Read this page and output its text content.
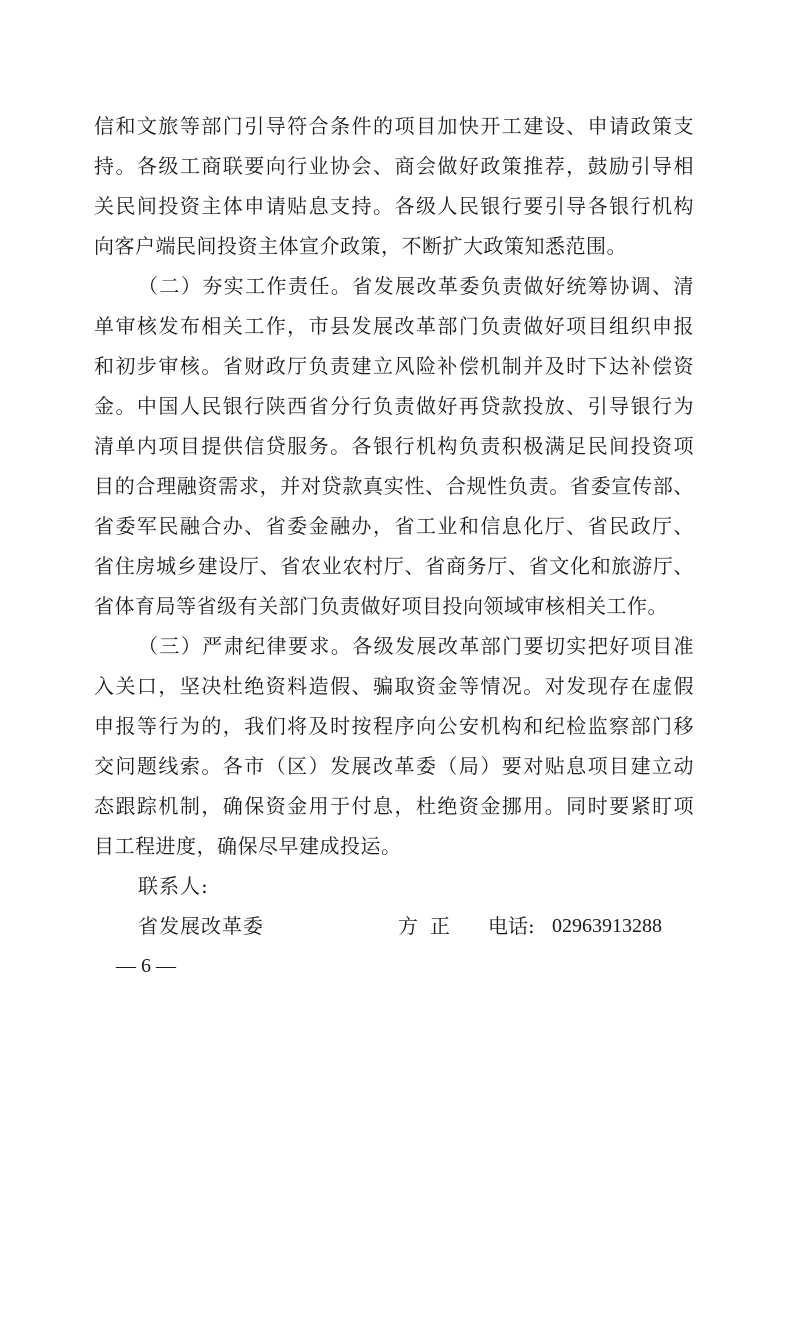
信和文旅等部门引导符合条件的项目加快开工建设、申请政策支
持。各级工商联要向行业协会、商会做好政策推荐，鼓励引导相
关民间投资主体申请贴息支持。各级人民银行要引导各银行机构
向客户端民间投资主体宣介政策，不断扩大政策知悉范围。
（二）夯实工作责任。省发展改革委负责做好统筹协调、清
单审核发布相关工作，市县发展改革部门负责做好项目组织申报
和初步审核。省财政厅负责建立风险补偿机制并及时下达补偿资
金。中国人民银行陕西省分行负责做好再贷款投放、引导银行为
清单内项目提供信贷服务。各银行机构负责积极满足民间投资项
目的合理融资需求，并对贷款真实性、合规性负责。省委宣传部、
省委军民融合办、省委金融办，省工业和信息化厅、省民政厅、
省住房城乡建设厅、省农业农村厅、省商务厅、省文化和旅游厅、
省体育局等省级有关部门负责做好项目投向领域审核相关工作。
（三）严肃纪律要求。各级发展改革部门要切实把好项目准
入关口，坚决杜绝资料造假、骗取资金等情况。对发现存在虚假
申报等行为的，我们将及时按程序向公安机构和纪检监察部门移
交问题线索。各市（区）发展改革委（局）要对贴息项目建立动
态跟踪机制，确保资金用于付息，杜绝资金挪用。同时要紧盯项
目工程进度，确保尽早建成投运。
联系人:
省发展改革委	方正 电话: 02963913288
— 6 —
